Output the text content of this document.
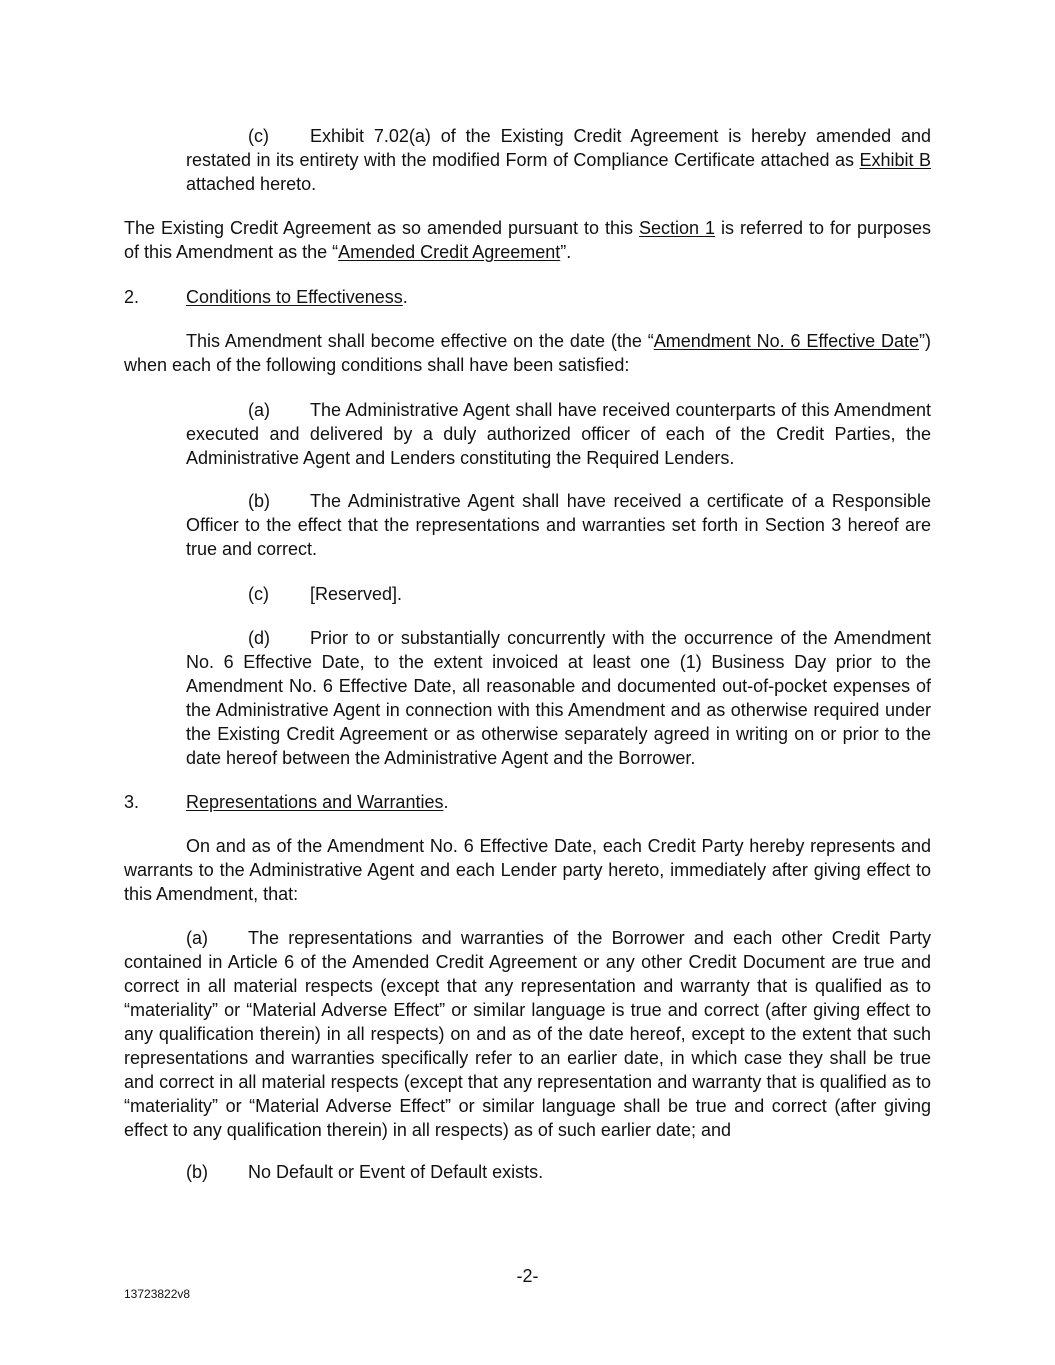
(c) Exhibit 7.02(a) of the Existing Credit Agreement is hereby amended and restated in its entirety with the modified Form of Compliance Certificate attached as Exhibit B attached hereto.

The Existing Credit Agreement as so amended pursuant to this Section 1 is referred to for purposes of this Amendment as the “Amended Credit Agreement”.

2.	Conditions to Effectiveness.

This Amendment shall become effective on the date (the “Amendment No. 6 Effective Date”) when each of the following conditions shall have been satisfied:

(a) The Administrative Agent shall have received counterparts of this Amendment executed and delivered by a duly authorized officer of each of the Credit Parties, the Administrative Agent and Lenders constituting the Required Lenders.

(b) The Administrative Agent shall have received a certificate of a Responsible Officer to the effect that the representations and warranties set forth in Section 3 hereof are true and correct.

(c) [Reserved].

(d) Prior to or substantially concurrently with the occurrence of the Amendment No. 6 Effective Date, to the extent invoiced at least one (1) Business Day prior to the Amendment No. 6 Effective Date, all reasonable and documented out-of-pocket expenses of the Administrative Agent in connection with this Amendment and as otherwise required under the Existing Credit Agreement or as otherwise separately agreed in writing on or prior to the date hereof between the Administrative Agent and the Borrower.

3.	Representations and Warranties.

On and as of the Amendment No. 6 Effective Date, each Credit Party hereby represents and warrants to the Administrative Agent and each Lender party hereto, immediately after giving effect to this Amendment, that:

(a) The representations and warranties of the Borrower and each other Credit Party contained in Article 6 of the Amended Credit Agreement or any other Credit Document are true and correct in all material respects (except that any representation and warranty that is qualified as to “materiality” or “Material Adverse Effect” or similar language is true and correct (after giving effect to any qualification therein) in all respects) on and as of the date hereof, except to the extent that such representations and warranties specifically refer to an earlier date, in which case they shall be true and correct in all material respects (except that any representation and warranty that is qualified as to “materiality” or “Material Adverse Effect” or similar language shall be true and correct (after giving effect to any qualification therein) in all respects) as of such earlier date; and

(b) No Default or Event of Default exists.

-2-
13723822v8
